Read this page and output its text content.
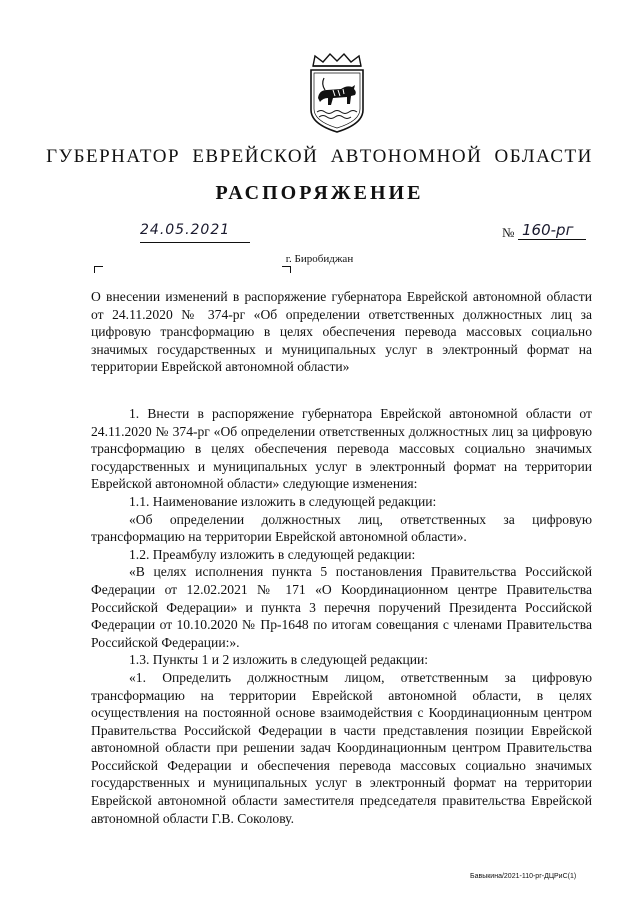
ГУБЕРНАТОР ЕВРЕЙСКОЙ АВТОНОМНОЙ ОБЛАСТИ
РАСПОРЯЖЕНИЕ
24.05.2021	№ 160-рг
г. Биробиджан

О внесении изменений в распоряжение губернатора Еврейской автономной области от 24.11.2020 № 374-рг «Об определении ответственных должностных лиц за цифровую трансформацию в целях обеспечения перевода массовых социально значимых государственных и муниципальных услуг в электронный формат на территории Еврейской автономной области»

1. Внести в распоряжение губернатора Еврейской автономной области от 24.11.2020 № 374-рг «Об определении ответственных должностных лиц за цифровую трансформацию в целях обеспечения перевода массовых социально значимых государственных и муниципальных услуг в электронный формат на территории Еврейской автономной области» следующие изменения:

1.1. Наименование изложить в следующей редакции:

«Об определении должностных лиц, ответственных за цифровую трансформацию на территории Еврейской автономной области».

1.2. Преамбулу изложить в следующей редакции:

«В целях исполнения пункта 5 постановления Правительства Российской Федерации от 12.02.2021 № 171 «О Координационном центре Правительства Российской Федерации» и пункта 3 перечня поручений Президента Российской Федерации от 10.10.2020 № Пр-1648 по итогам совещания с членами Правительства Российской Федерации:».

1.3. Пункты 1 и 2 изложить в следующей редакции:

«1. Определить должностным лицом, ответственным за цифровую трансформацию на территории Еврейской автономной области, в целях осуществления на постоянной основе взаимодействия с Координационным центром Правительства Российской Федерации в части представления позиции Еврейской автономной области при решении задач Координационным центром Правительства Российской Федерации и обеспечения перевода массовых социально значимых государственных и муниципальных услуг в электронный формат на территории Еврейской автономной области заместителя председателя правительства Еврейской автономной области Г.В. Соколову.

Бавыкина/2021-110-рг-ДЦРиС(1)
